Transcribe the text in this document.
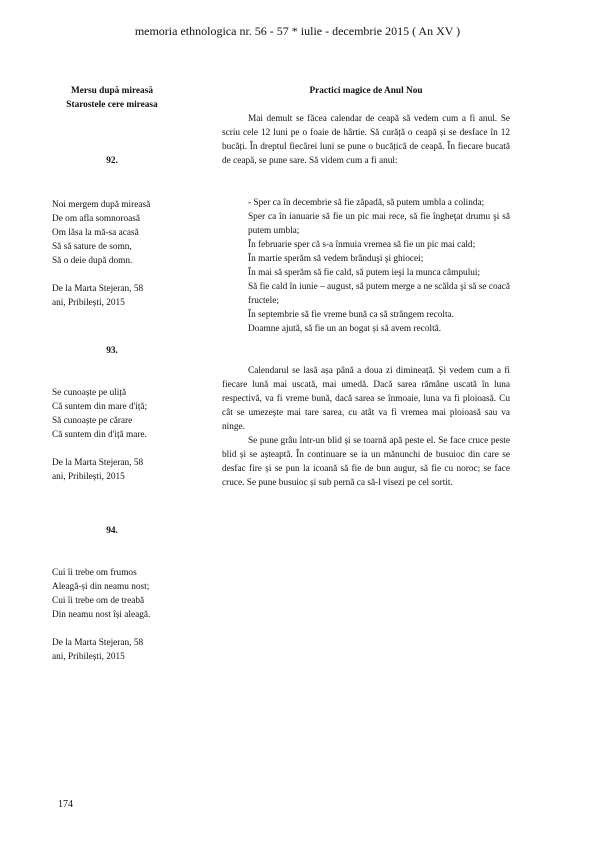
memoria ethnologica nr. 56 - 57 * iulie - decembrie 2015 ( An XV )
Mersu după mireasă
Starostele cere mireasa
92.
Noi mergem după mireasă
De om afla somnoroasă
Om lăsa la mă-sa acasă
Să să sature de somn,
Să o deie după domn.
De la Marta Stejeran, 58
ani, Pribilești, 2015
93.
Se cunoaște pe uliță
Că suntem din mare d'iță;
Să cunoaște pe cărare
Că suntem din d'iță mare.
De la Marta Stejeran, 58
ani, Pribilești, 2015
94.
Cui îi trebe om frumos
Aleagă-și din neamu nost;
Cui îi trebe om de treabă
Din neamu nost își aleagă.
De la Marta Stejeran, 58
ani, Pribilești, 2015
Practici magice de Anul Nou

Mai demult se făcea calendar de ceapă să vedem cum a fi anul. Se scriu cele 12 luni pe o foaie de hârtie. Să curăță o ceapă și se desface în 12 bucăți. În dreptul fiecărei luni se pune o bucățică de ceapă. În fiecare bucată de ceapă, se pune sare. Să videm cum a fi anul:

- Sper ca în decembrie să fie zăpadă, să putem umbla a colinda;

Sper ca în ianuarie să fie un pic mai rece, să fie îngheţat drumu şi să putem umbla;

În februarie sper că s-a înmuia vremea să fie un pic mai cald;

În martie sperăm să vedem brânduşi şi ghiocei;

În mai să sperăm să fie cald, să putem ieşi la munca câmpului;

Să fie cald în iunie – august, să putem merge a ne scălda şi să se coacă fructele;

În septembrie să fie vreme bună ca să strângem recolta.

Doamne ajută, să fie un an bogat și să avem recoltă.

Calendarul se lasă așa până a doua zi dimineață. Și vedem cum a fi fiecare lună mai uscată, mai umedă. Dacă sarea rămâne uscată în luna respectivă, va fi vreme bună, dacă sarea se înmoaie, luna va fi ploioasă. Cu cât se umezește mai tare sarea, cu atât va fi vremea mai ploioasă sau va ninge.

Se pune grâu într-un blid și se toarnă apă peste el. Se face cruce peste blid și se așteaptă. În continuare se ia un mănunchi de busuioc din care se desfac fire și se pun la icoană să fie de bun augur, să fie cu noroc; se face cruce. Se pune busuioc și sub pernă ca să-l visezi pe cel sortit.

174
